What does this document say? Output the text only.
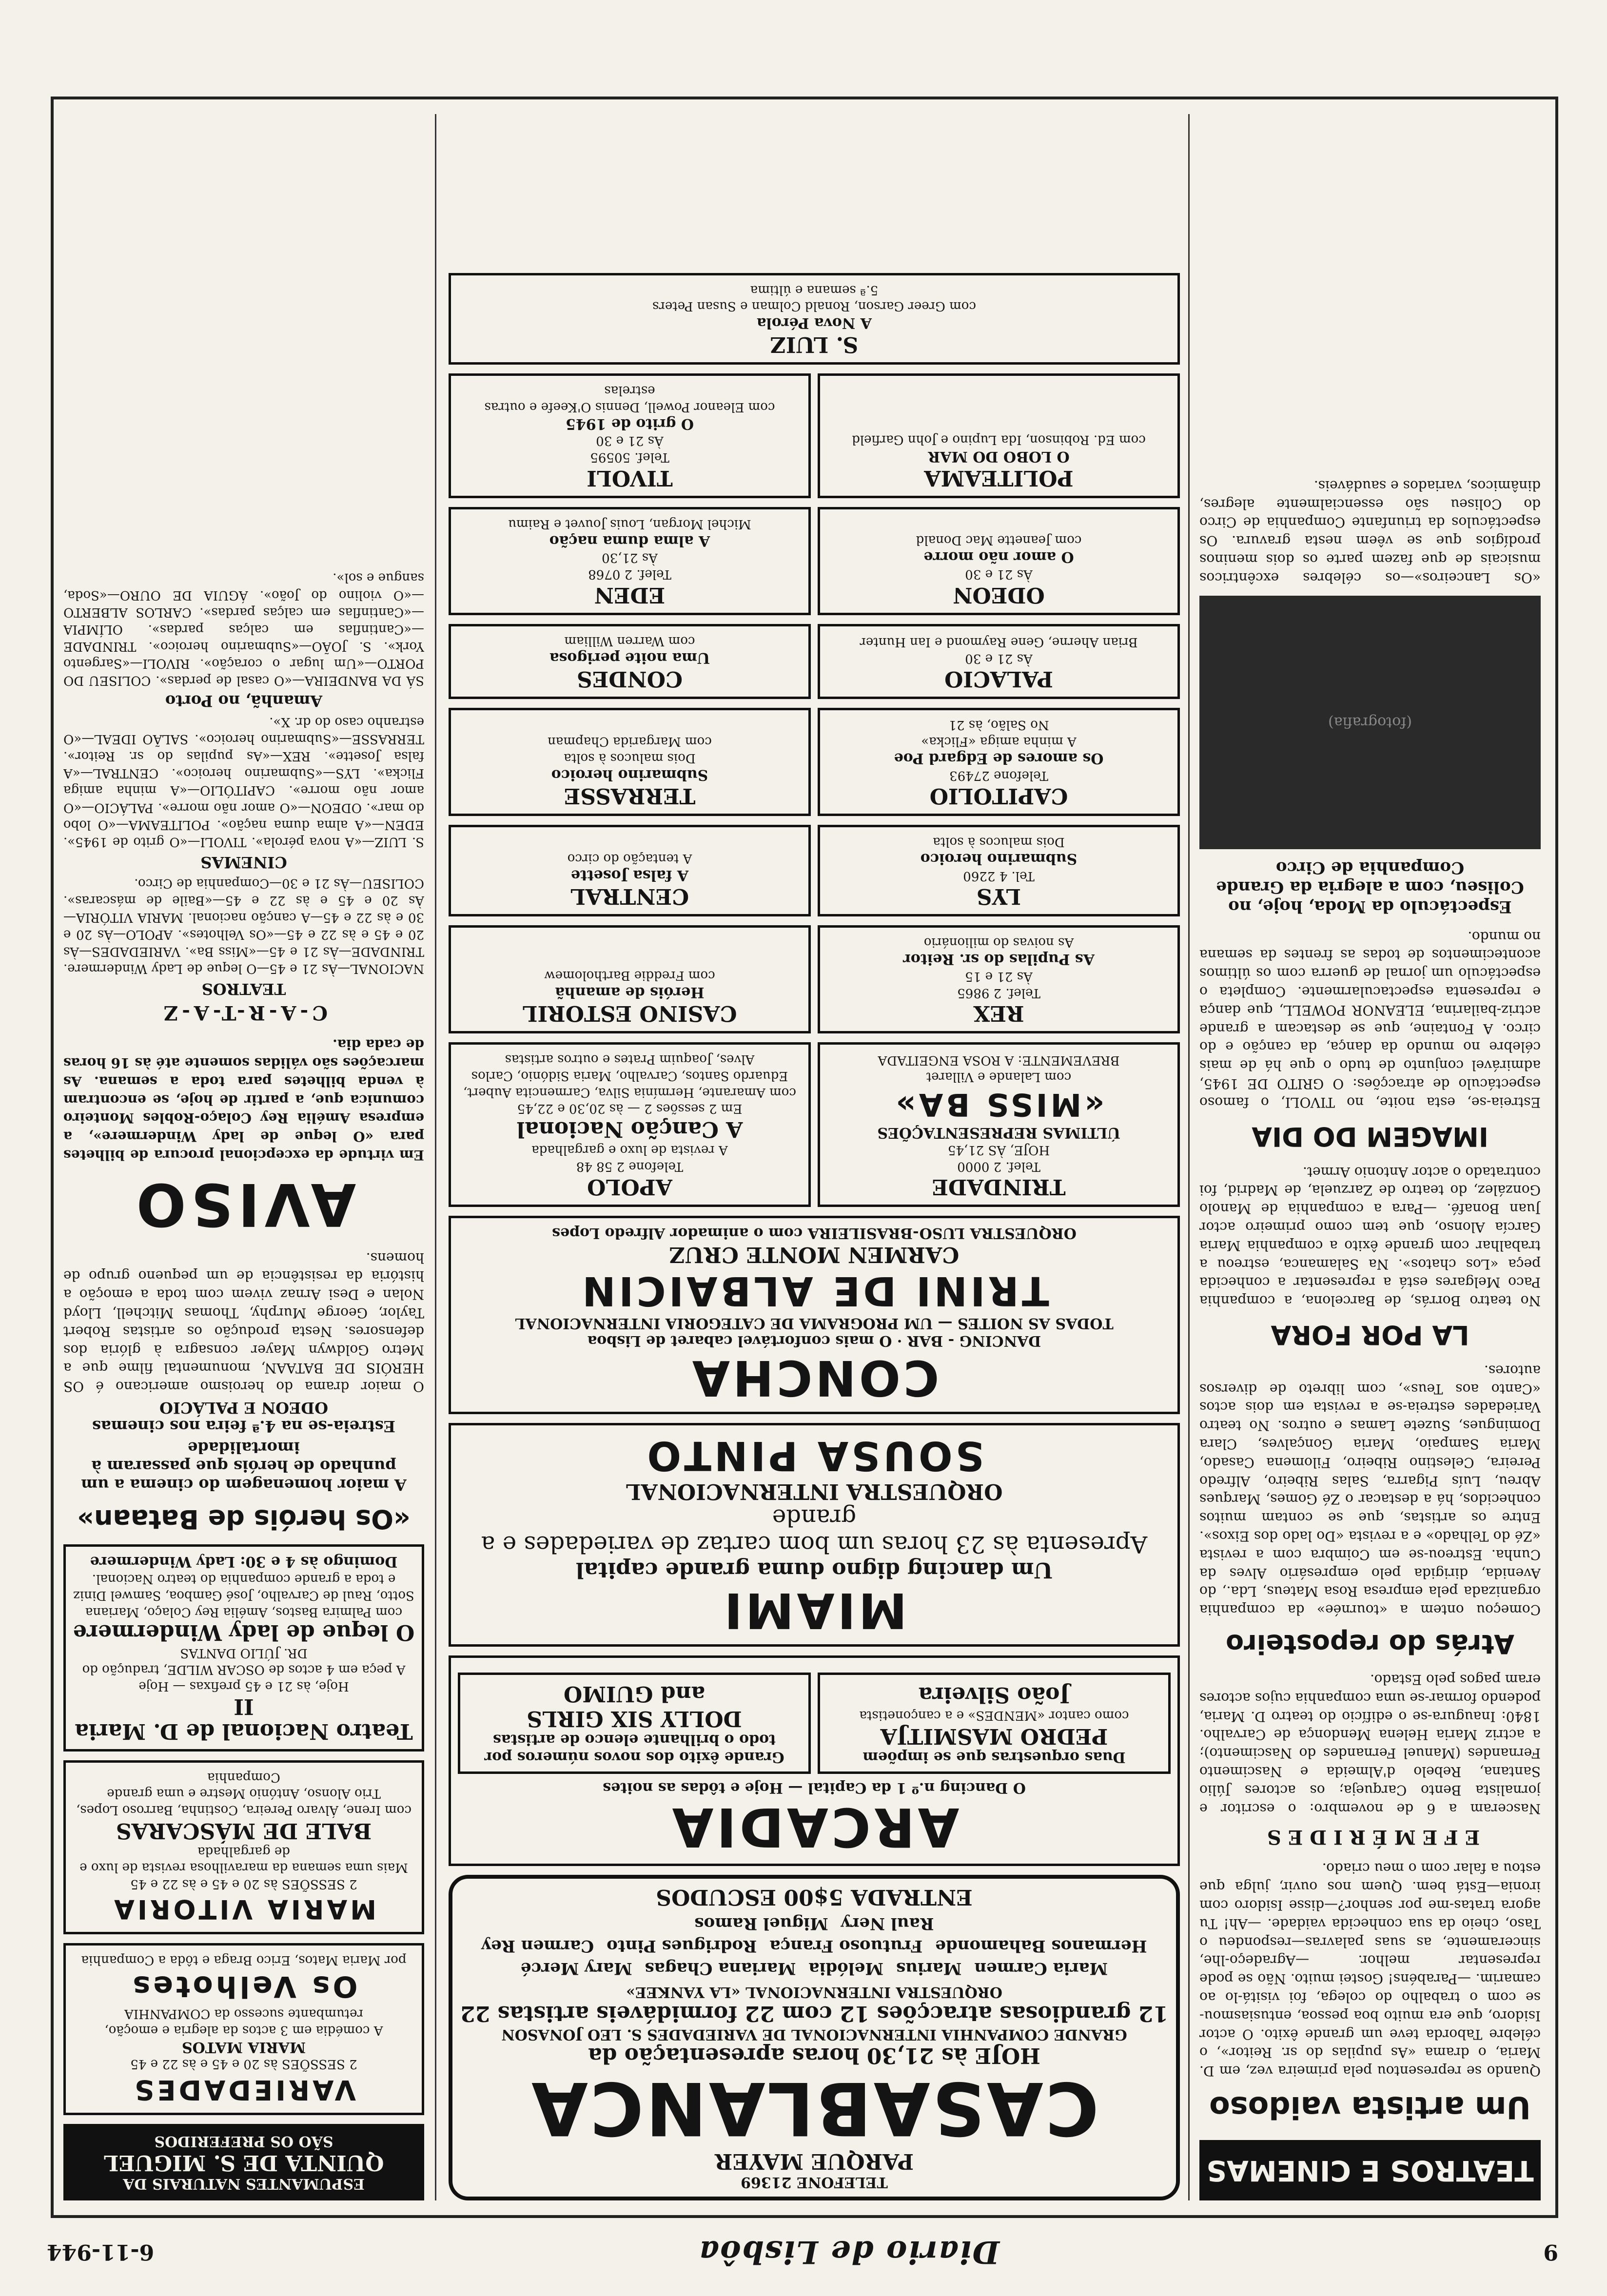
9
Diario de Lisbôa
6-11-944
TEATROS E CINEMAS
Um artista vaidoso

Quando se representou pela primeira vez, em D. Maria, o drama «As pupilas do sr. Reitor», o célebre Taborda teve um grande êxito. O actor Isidoro, que era muito boa pessoa, entusiasmou-se com o trabalho do colega, foi visitá-lo ao camarim. —Parabéns! Gostei muito. Não se pode representar melhor. —Agradeço-lhe, sinceramente, as suas palavras—respondeu o Taso, cheio da sua conhecida vaidade. —Ah! Tu agora tratas-me por senhor?—disse Isidoro com ironia—Está bem. Quem nos ouvir, julga que estou a falar com o meu criado.

EFEMÉRIDES

Nasceram a 6 de novembro: o escritor e jornalista Bento Carqueja; os actores Júlio Santana, Rebelo d'Almeida e Nascimento Fernandes (Manuel Fernandes do Nascimento); a actriz Maria Helena Mendonça de Carvalho. 1840: Inaugura-se o edifício do teatro D. Maria, podendo formar-se uma companhia cujos actores eram pagos pelo Estado.

Atrás do reposteiro

Começou ontem a «tournée» da companhia organizada pela empresa Rosa Mateus, Lda., do Avenida, dirigida pelo empresário Alves da Cunha. Estreou-se em Coimbra com a revista «Zé do Telhado» e a revista «Do lado dos Eixos». Entre os artistas, que se contam muitos conhecidos, há a destacar o Zé Gomes, Marques Abreu, Luís Pigarra, Salas Ribeiro, Alfredo Pereira, Celestino Ribeiro, Filomena Casado, Maria Sampaio, Maria Gonçalves, Clara Domingues, Suzete Lamas e outros. No teatro Variedades estreia-se a revista em dois actos «Canto aos Teus», com libreto de diversos autores.

LA POR FORA

No teatro Borrás, de Barcelona, a companhia Paco Melgares está a representar a conhecida peça «Los chatos». Na Salamanca, estreou a trabalhar com grande êxito a companhia Maria García Alonso, que tem como primeiro actor Juan Bonafé. —Para a companhia de Manolo González, do teatro de Zarzuela, de Madrid, foi contratado o actor Antonio Armet.

IMAGEM DO DIA

Estreia-se, esta noite, no TIVOLI, o famoso espectáculo de atracções: O GRITO DE 1945, admirável conjunto de tudo o que há de mais célebre no mundo da dança, da canção e do circo. A Fontaine, que se destacam a grande actriz-bailarina, ELEANOR POWELL, que dança e representa espectacularmente. Completa o espectáculo um jornal de guerra com os últimos acontecimentos de todas as frentes da semana no mundo.

Espectáculo da Moda, hoje, no Coliseu, com a alegria da Grande Companhia de Circo
(fotografia)

«Os Lanceiros»—os célebres excêntricos musicais de que fazem parte os dois meninos prodígios que se vêem nesta gravura. Os espectáculos da triunfante Companhia de Circo do Coliseu são essencialmente alegres, dinâmicos, variados e saudáveis.

TELEFONE 21369
PARQUE MAYER
CASABLANCA
HOJE às 21,30 horas apresentação da
GRANDE COMPANHIA INTERNACIONAL DE VARIEDADES S. LEO JONASON
12 grandiosas atracções 12 com 22 formidáveis artistas 22
ORQUESTRA INTERNACIONAL «LA YANKEE»
Maria Carmen
Marius
Melódia
Mariana Chagas
Mary Mercé
Hermanos Bahamonde
Frutuoso França
Rodrigues Pinto
Carmen Rey
Raul Nery
Miguel Ramos
ENTRADA 5$00 ESCUDOS
ARCADIA
O Dancing n.º 1 da Capital — Hoje e tôdas as noites
Duas orquestras que se impõem
PEDRO MASMITJA
como cantor «MENDES» e a cançonetista
João Silveira
Grande êxito dos novos números por todo o brilhante elenco de artistas
DOLLY SIX GIRLS
and GUIMO
MIAMI
Um dancing digno duma grande capital
Apresenta às 23 horas um bom cartaz de variedades e a grande
ORQUESTRA INTERNACIONAL
SOUSA PINTO
CONCHA
DANCING - BAR · O mais confortável cabaret de Lisboa
TODAS AS NOITES — UM PROGRAMA DE CATEGORIA INTERNACIONAL
TRINI DE ALBAICIN
CARMEN MONTE CRUZ
ORQUESTRA LUSO-BRASILEIRA com o animador Alfredo Lopes
TRINDADE
Telef. 2 0000
HOJE, ÀS 21,45
ÚLTIMAS REPRESENTAÇÕES
«MISS BA»
com Lalande e Villaret
BREVEMENTE: A ROSA ENGEITADA
APOLO
Telefone 2 58 48
A revista de luxo e gargalhada
A Canção Nacional
Em 2 sessões 2 — às 20,30 e 22,45
com Amarante, Hermínia Silva, Carmencita Aubert, Eduardo Santos, Carvalho, Maria Sidónio, Carlos Alves, Joaquim Prates e outros artistas
REX
Telef. 2 9865
Às 21 e 15
As Pupilas do sr. Reitor
As noivas do milionário
CASINO ESTORIL
Heróis de amanhã
com Freddie Bartholomew
LYS
Tel. 4 2260
Submarino heroico
Dois malucos à solta
CENTRAL
A falsa Josette
A tentação do circo
CAPITOLIO
Telefone 27493
Os amores de Edgard Poe
A minha amiga «Flicka»
No Salão, às 21
TERRASSE
Submarino heroico
Dois malucos à solta
com Margarida Chapman
PALACIO
Às 21 e 30
Brian Aherne, Gene Raymond e Ian Hunter
CONDES
Uma noite perigosa
com Warren William
ODEON
Às 21 e 30
O amor não morre
com Jeanette Mac Donald
EDEN
Telef. 2 0768
Às 21,30
A alma duma nação
Michel Morgan, Louis Jouvet e Raimu
POLITEAMA
O LOBO DO MAR
com Ed. Robinson, Ida Lupino e John Garfield
TIVOLI
Telef. 50595
Às 21 e 30
O grito de 1945
com Eleanor Powell, Dennis O'Keefe e outras estrelas
S. LUIZ
A Nova Pérola
com Greer Garson, Ronald Colman e Susan Peters
5.ª semana e última
ESPUMANTES NATURAIS DA
QUINTA DE S. MIGUEL
SÃO OS PREFERIDOS
VARIEDADES
2 SESSÕES às 20 e 45 e às 22 e 45
MARIA MATOS
A comédia em 3 actos da alegria e emoção, retumbante sucesso da COMPANHIA
Os Velhotes
por Maria Matos, Erico Braga e tôda a Companhia
MARIA VITORIA
2 SESSÕES às 20 e 45 e às 22 e 45
Mais uma semana da maravilhosa revista de luxo e de gargalhada
BALE DE MÁSCARAS
com Irene, Álvaro Pereira, Costinha, Barroso Lopes, Trio Alonso, António Mestre e uma grande Companhia
Teatro Nacional de D. Maria II
Hoje, às 21 e 45 prefixas — Hoje
A peça em 4 actos de OSCAR WILDE, tradução do DR. JÚLIO DANTAS
O leque de lady Windermere
com Palmira Bastos, Amélia Rey Colaço, Mariana Sotto, Raul de Carvalho, José Gamboa, Samwel Diniz e toda a grande companhia do teatro Nacional.
Domingo às 4 e 30: Lady Windermere
«Os heróis de Bataan»
A maior homenagem do cinema a um punhado de heróis que passaram à imortalidade
Estreia-se na 4.ª feira nos cinemas ODEON E PALÁCIO

O maior drama do heroismo americano é OS HERÓIS DE BATAAN, monumental filme que a Metro Goldwyn Mayer consagra à glória dos defensores. Nesta produção os artistas Robert Taylor, George Murphy, Thomas Mitchell, Lloyd Nolan e Desi Arnaz vivem com toda a emoção a história da resistência de um pequeno grupo de homens.

AVISO

Em virtude da excepcional procura de bilhetes para «O leque de lady Windermere», a empresa Amélia Rey Colaço-Robles Monteiro comunica que, a partir de hoje, se encontram à venda bilhetes para toda a semana. As marcações são válidas somente até às 16 horas de cada dia.

C-A-R-T-A-Z
TEATROS

NACIONAL—Às 21 e 45—O leque de Lady Windermere. TRINDADE—Às 21 e 45—«Miss Ba». VARIEDADES—Às 20 e 45 e às 22 e 45—«Os Velhotes». APOLO—Às 20 e 30 e às 22 e 45—A canção nacional. MARIA VITÓRIA—Às 20 e 45 e às 22 e 45—«Baile de máscaras». COLISEU—Às 21 e 30—Companhia de Circo.

CINEMAS

S. LUIZ—«A nova pérola». TIVOLI—«O grito de 1945». EDEN—«A alma duma nação». POLITEAMA—«O lobo do mar». ODEON—«O amor não morre». PALÁCIO—«O amor não morre». CAPITÓLIO—«A minha amiga Flicka». LYS—«Submarino heroico». CENTRAL—«A falsa Josette». REX—«As pupilas do sr. Reitor». TERRASSE—«Submarino heroico». SALÃO IDEAL—«O estranho caso do dr. X».

Amanhã, no Porto

SÁ DA BANDEIRA—«O casal de perdas». COLISEU DO PORTO—«Um lugar o coração». RIVOLI—«Sargento York». S. JOÃO—«Submarino heroico». TRINDADE—«Cantinflas em calças pardas». OLÍMPIA—«Cantinflas em calças pardas». CARLOS ALBERTO—«O violino do João». ÁGUIA DE OURO—«Soda, sangue e sol».
